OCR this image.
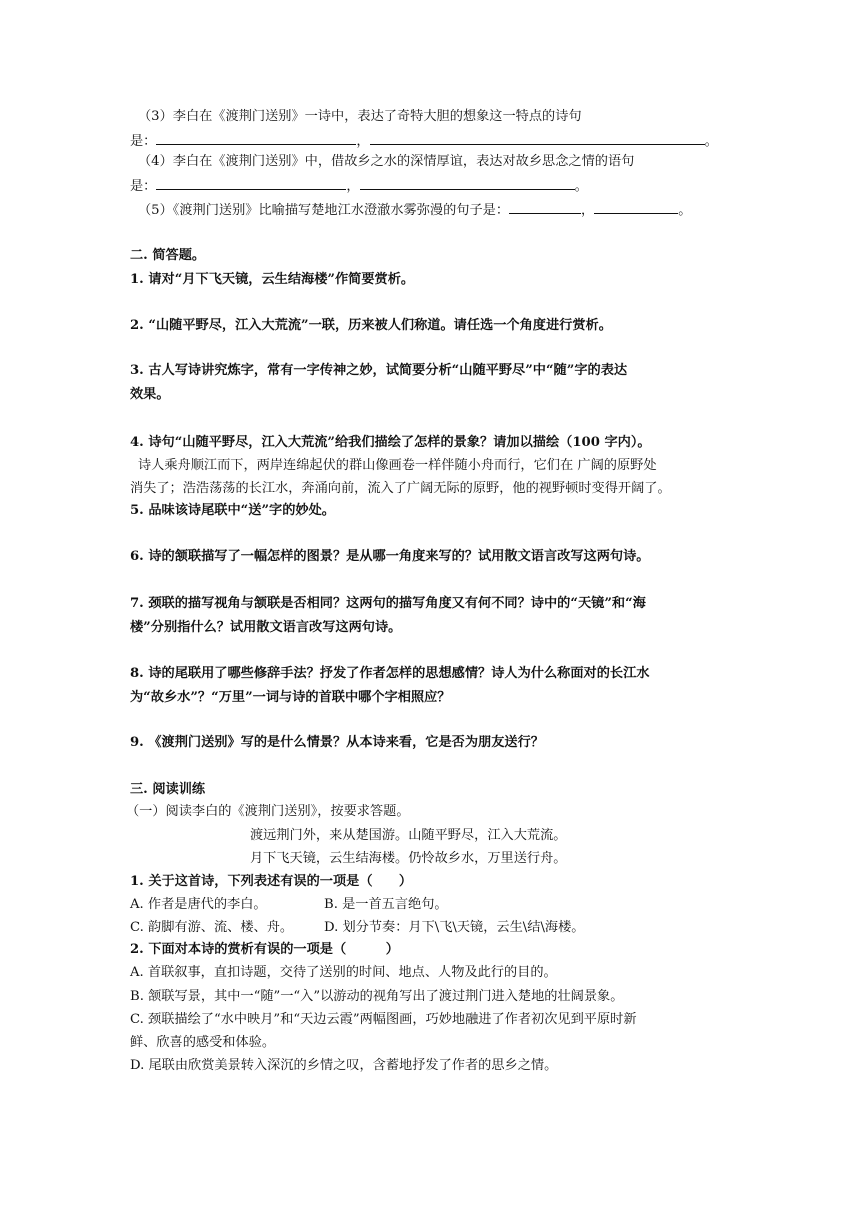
（3）李白在《渡荆门送别》一诗中，表达了奇特大胆的想象这一特点的诗句
是：	，	。
（4）李白在《渡荆门送别》中，借故乡之水的深情厚谊，表达对故乡思念之情的语句
是：	，	。
（5）《渡荆门送别》比喻描写楚地江水澄澈水雾弥漫的句子是：	，	。
二. 简答题。
1. 请对“月下飞天镜，云生结海楼”作简要赏析。
2. “山随平野尽，江入大荒流”一联，历来被人们称道。请任选一个角度进行赏析。
3. 古人写诗讲究炼字，常有一字传神之妙，试简要分析“山随平野尽”中“随”字的表达
效果。
4. 诗句“山随平野尽，江入大荒流”给我们描绘了怎样的景象？请加以描绘（100 字内）。
诗人乘舟顺江而下，两岸连绵起伏的群山像画卷一样伴随小舟而行，它们在 广阔的原野处
消失了；浩浩荡荡的长江水，奔涌向前，流入了广阔无际的原野，他的视野顿时变得开阔了。
5. 品味该诗尾联中“送”字的妙处。
6. 诗的颔联描写了一幅怎样的图景？是从哪一角度来写的？试用散文语言改写这两句诗。
7. 颈联的描写视角与颔联是否相同？这两句的描写角度又有何不同？诗中的“天镜”和“海
楼”分别指什么？试用散文语言改写这两句诗。
8. 诗的尾联用了哪些修辞手法？抒发了作者怎样的思想感情？诗人为什么称面对的长江水
为“故乡水”？“万里”一词与诗的首联中哪个字相照应？
9. 《渡荆门送别》写的是什么情景？从本诗来看，它是否为朋友送行？
三. 阅读训练
（一）阅读李白的《渡荆门送别》，按要求答题。
渡远荆门外，来从楚国游。山随平野尽，江入大荒流。
月下飞天镜，云生结海楼。仍怜故乡水，万里送行舟。
1. 关于这首诗，下列表述有误的一项是（　　）
A. 作者是唐代的李白。	B. 是一首五言绝句。
C. 韵脚有游、流、楼、舟。 D. 划分节奏：月下\飞\天镜，云生\结\海楼。
2. 下面对本诗的赏析有误的一项是（　　　）
A. 首联叙事，直扣诗题，交待了送别的时间、地点、人物及此行的目的。
B. 颔联写景，其中一“随”一“入”以游动的视角写出了渡过荆门进入楚地的壮阔景象。
C. 颈联描绘了“水中映月”和“天边云霞”两幅图画，巧妙地融进了作者初次见到平原时新
鲜、欣喜的感受和体验。
D. 尾联由欣赏美景转入深沉的乡情之叹，含蓄地抒发了作者的思乡之情。
